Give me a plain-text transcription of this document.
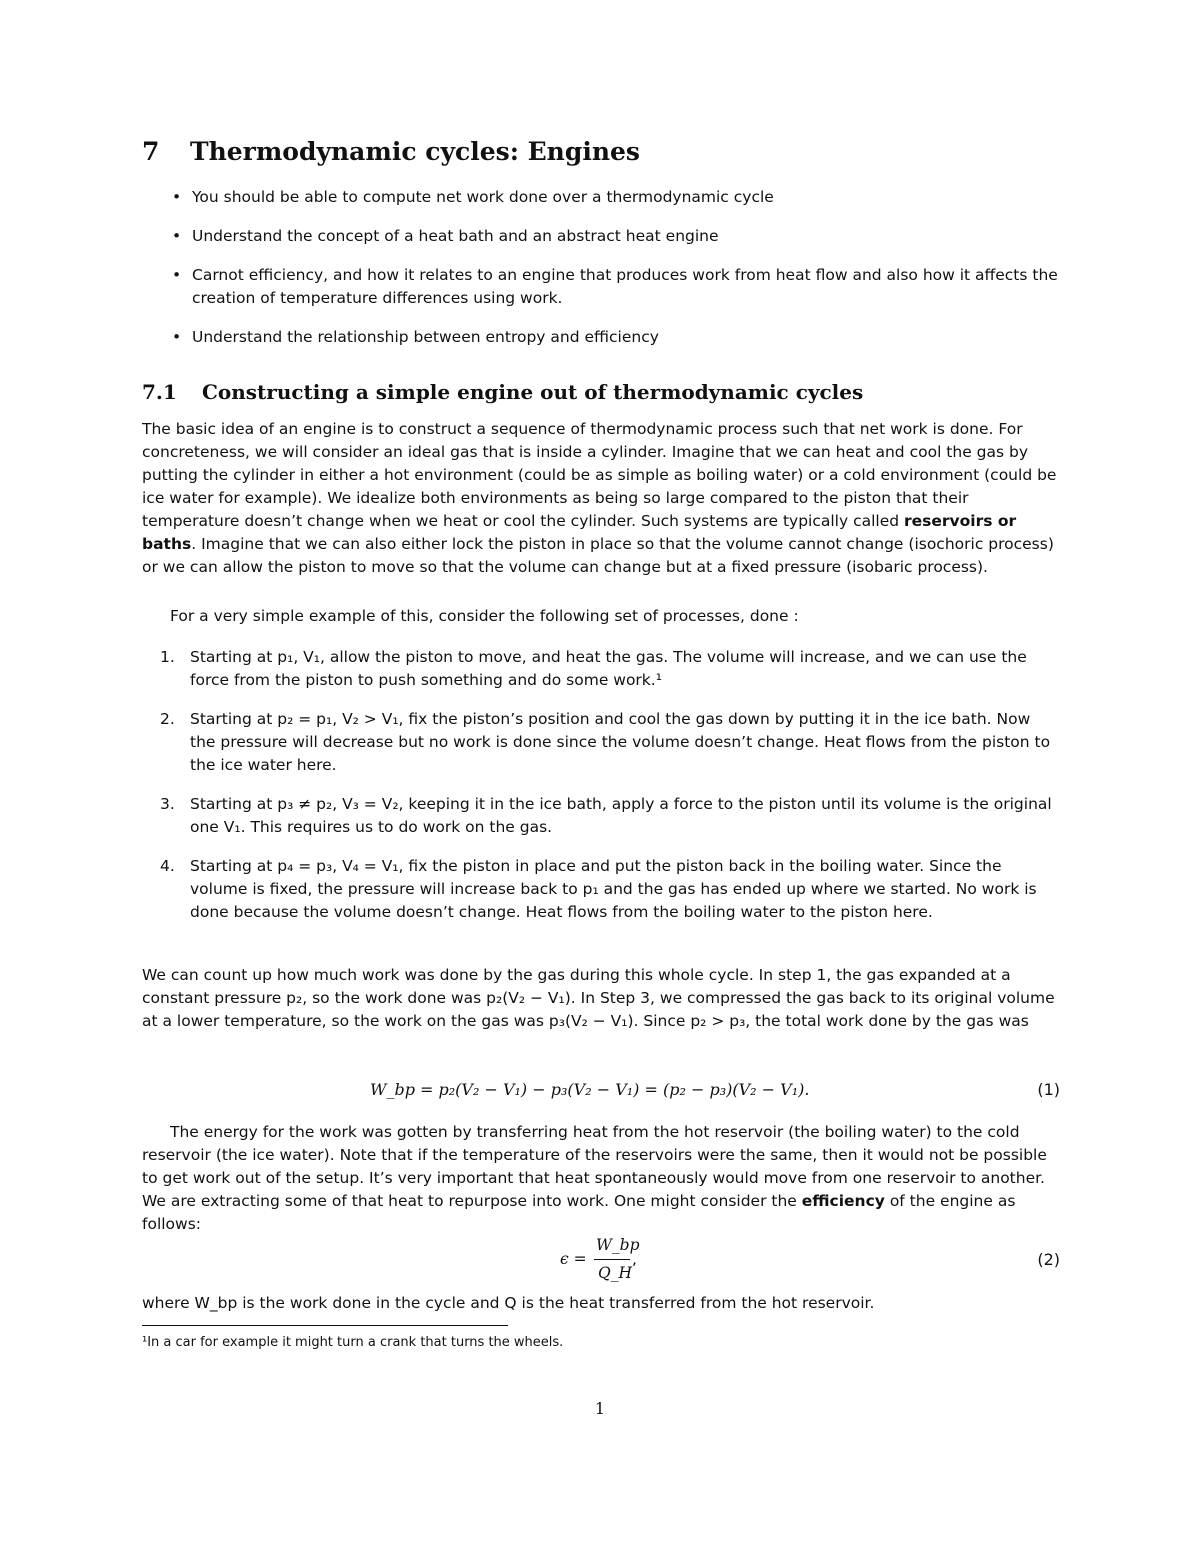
7 Thermodynamic cycles: Engines
• You should be able to compute net work done over a thermodynamic cycle
• Understand the concept of a heat bath and an abstract heat engine
• Carnot efficiency, and how it relates to an engine that produces work from heat flow and also how it affects the creation of temperature differences using work.
• Understand the relationship between entropy and efficiency
7.1 Constructing a simple engine out of thermodynamic cycles

The basic idea of an engine is to construct a sequence of thermodynamic process such that net work is done. For concreteness, we will consider an ideal gas that is inside a cylinder. Imagine that we can heat and cool the gas by putting the cylinder in either a hot environment (could be as simple as boiling water) or a cold environment (could be ice water for example). We idealize both environments as being so large compared to the piston that their temperature doesn’t change when we heat or cool the cylinder. Such systems are typically called reservoirs or baths. Imagine that we can also either lock the piston in place so that the volume cannot change (isochoric process) or we can allow the piston to move so that the volume can change but at a fixed pressure (isobaric process).

For a very simple example of this, consider the following set of processes, done :

1. Starting at p₁, V₁, allow the piston to move, and heat the gas. The volume will increase, and we can use the force from the piston to push something and do some work.¹
2. Starting at p₂ = p₁, V₂ > V₁, fix the piston’s position and cool the gas down by putting it in the ice bath. Now the pressure will decrease but no work is done since the volume doesn’t change. Heat flows from the piston to the ice water here.
3. Starting at p₃ ≠ p₂, V₃ = V₂, keeping it in the ice bath, apply a force to the piston until its volume is the original one V₁. This requires us to do work on the gas.
4. Starting at p₄ = p₃, V₄ = V₁, fix the piston in place and put the piston back in the boiling water. Since the volume is fixed, the pressure will increase back to p₁ and the gas has ended up where we started. No work is done because the volume doesn’t change. Heat flows from the boiling water to the piston here.

We can count up how much work was done by the gas during this whole cycle. In step 1, the gas expanded at a constant pressure p₂, so the work done was p₂(V₂ − V₁). In Step 3, we compressed the gas back to its original volume at a lower temperature, so the work on the gas was p₃(V₂ − V₁). Since p₂ > p₃, the total work done by the gas was

W_bp = p₂(V₂ − V₁) − p₃(V₂ − V₁) = (p₂ − p₃)(V₂ − V₁).	(1)

The energy for the work was gotten by transferring heat from the hot reservoir (the boiling water) to the cold reservoir (the ice water). Note that if the temperature of the reservoirs were the same, then it would not be possible to get work out of the setup. It’s very important that heat spontaneously would move from one reservoir to another. We are extracting some of that heat to repurpose into work. One might consider the efficiency of the engine as follows:

ϵ =
W_bp
Q_H
,	(2)

where W_bp is the work done in the cycle and Q is the heat transferred from the hot reservoir.

¹In a car for example it might turn a crank that turns the wheels.
1
